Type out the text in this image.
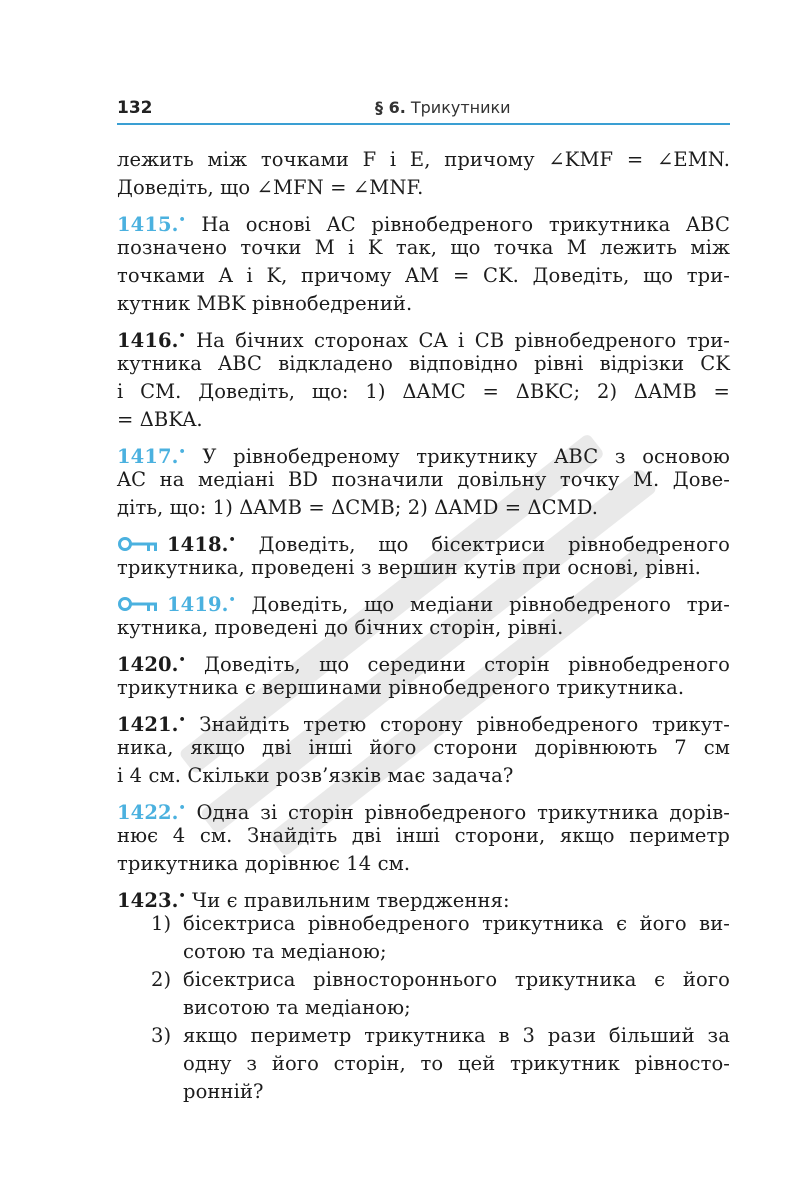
132	§ 6. Трикутники
лежить між точками F і E, причому ∠KMF = ∠EMN.
Доведіть, що ∠MFN = ∠MNF.
1415.• На основі AC рівнобедреного трикутника ABC
позначено точки M і K так, що точка M лежить між
точками A і K, причому AM = CK. Доведіть, що три-
кутник MBK рівнобедрений.
1416.• На бічних сторонах CA і CB рівнобедреного три-
кутника ABC відкладено відповідно рівні відрізки CK
і CM. Доведіть, що: 1) ΔAMC = ΔBKC; 2) ΔAMB =
= ΔBKA.
1417.• У рівнобедреному трикутнику ABC з основою
AC на медіані BD позначили довільну точку M. Дове-
діть, що: 1) ΔAMB = ΔCMB; 2) ΔAMD = ΔCMD.
1418.• Доведіть, що бісектриси рівнобедреного
трикутника, проведені з вершин кутів при основі, рівні.
1419.• Доведіть, що медіани рівнобедреного три-
кутника, проведені до бічних сторін, рівні.
1420.• Доведіть, що середини сторін рівнобедреного
трикутника є вершинами рівнобедреного трикутника.
1421.• Знайдіть третю сторону рівнобедреного трикут-
ника, якщо дві інші його сторони дорівнюють 7 см
і 4 см. Скільки розв’язків має задача?
1422.• Одна зі сторін рівнобедреного трикутника дорів-
нює 4 см. Знайдіть дві інші сторони, якщо периметр
трикутника дорівнює 14 см.
1423.• Чи є правильним твердження:
1) бісектриса рівнобедреного трикутника є його ви-
сотою та медіаною;
2) бісектриса рівностороннього трикутника є його
висотою та медіаною;
3) якщо периметр трикутника в 3 рази більший за
одну з його сторін, то цей трикутник рівносто-
ронній?
